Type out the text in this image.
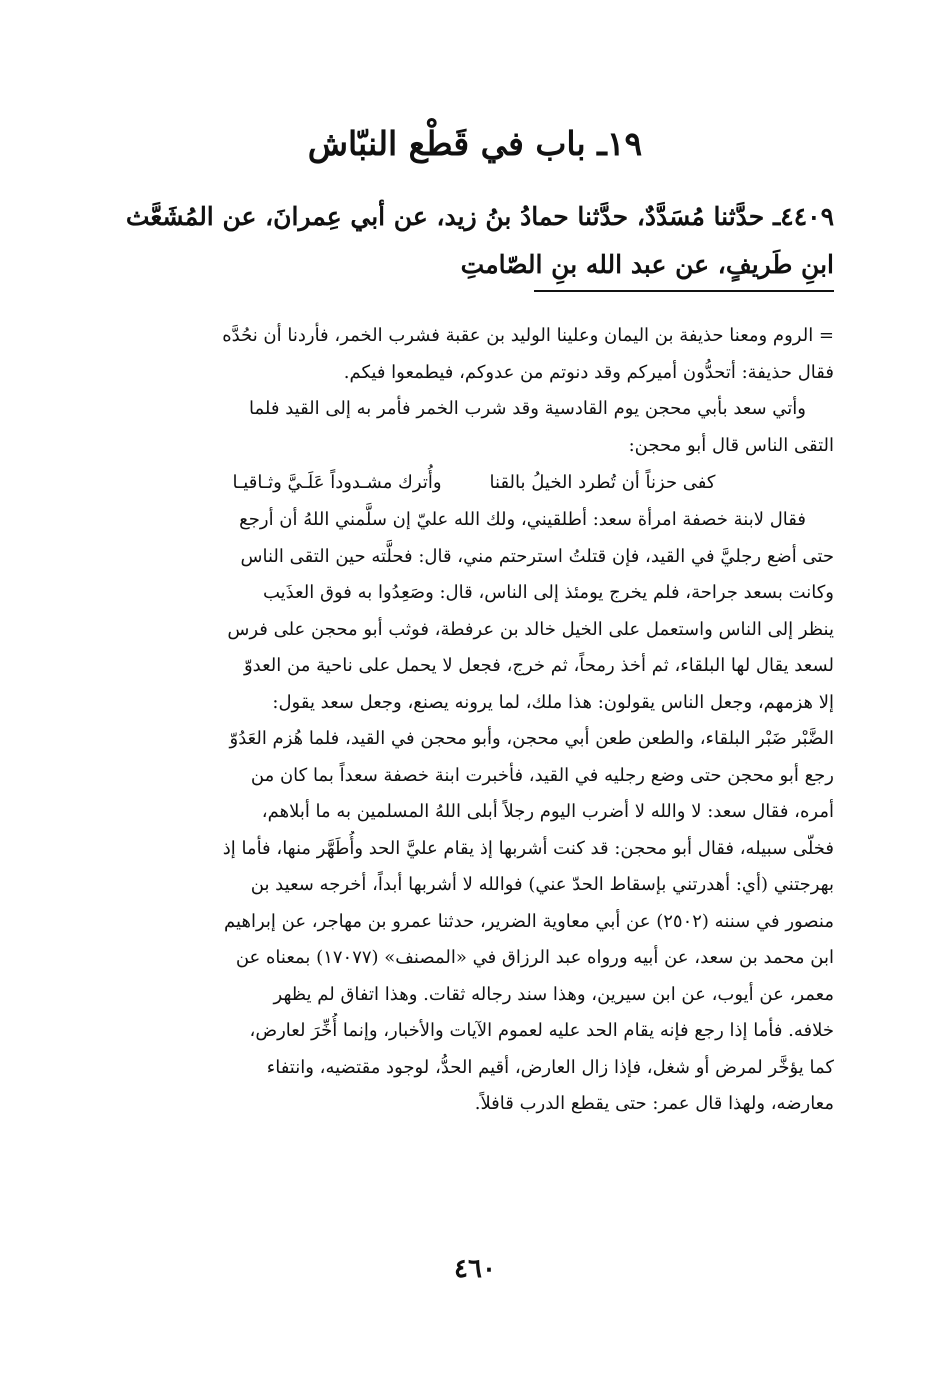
١٩ـ باب في قَطْع النبّاش
٤٤٠٩ـ حدَّثنا مُسَدَّدٌ، حدَّثنا حمادُ بنُ زيد، عن أبي عِمرانَ، عن المُشَعَّث
ابنِ طَريفٍ، عن عبد الله بنِ الصّامتِ
= الروم ومعنا حذيفة بن اليمان وعلينا الوليد بن عقبة فشرب الخمر، فأردنا أن نحُدَّه
فقال حذيفة: أتحدُّون أميركم وقد دنوتم من عدوكم، فيطمعوا فيكم.
وأتي سعد بأبي محجن يوم القادسية وقد شرب الخمر فأمر به إلى القيد فلما
التقى الناس قال أبو محجن:
كفى حزناً أن تُطرد الخيلُ بالقنا
وأُترك مشـدوداً عَلَـيَّ وثـاقيـا
فقال لابنة خصفة امرأة سعد: أطلقيني، ولك الله عليّ إن سلَّمني اللهُ أن أرجع
حتى أضع رجليَّ في القيد، فإن قتلتُ استرحتم مني، قال: فحلَّته حين التقى الناس
وكانت بسعد جراحة، فلم يخرج يومئذ إلى الناس، قال: وصَعِدُوا به فوق العذَيب
ينظر إلى الناس واستعمل على الخيل خالد بن عرفطة، فوثب أبو محجن على فرس
لسعد يقال لها البلقاء، ثم أخذ رمحاً، ثم خرج، فجعل لا يحمل على ناحية من العدوّ
إلا هزمهم، وجعل الناس يقولون: هذا ملك، لما يرونه يصنع، وجعل سعد يقول:
الضَّبْر ضَبْر البلقاء، والطعن طعن أبي محجن، وأبو محجن في القيد، فلما هُزم العَدُوّ
رجع أبو محجن حتى وضع رجليه في القيد، فأخبرت ابنة خصفة سعداً بما كان من
أمره، فقال سعد: لا والله لا أضرب اليوم رجلاً أبلى اللهُ المسلمين به ما أبلاهم،
فخلّى سبيله، فقال أبو محجن: قد كنت أشربها إذ يقام عليَّ الحد وأُطَهَّر منها، فأما إذ
بهرجتني (أي: أهدرتني بإسقاط الحدّ عني) فوالله لا أشربها أبداً، أخرجه سعيد بن
منصور في سننه (٢٥٠٢) عن أبي معاوية الضرير، حدثنا عمرو بن مهاجر، عن إبراهيم
ابن محمد بن سعد، عن أبيه ورواه عبد الرزاق في «المصنف» (١٧٠٧٧) بمعناه عن
معمر، عن أيوب، عن ابن سيرين، وهذا سند رجاله ثقات. وهذا اتفاق لم يظهر
خلافه. فأما إذا رجع فإنه يقام الحد عليه لعموم الآيات والأخبار، وإنما أُخِّرَ لعارض،
كما يؤخَّر لمرض أو شغل، فإذا زال العارض، أقيم الحدُّ، لوجود مقتضيه، وانتفاء
معارضه، ولهذا قال عمر: حتى يقطع الدرب قافلاً.
٤٦٠
